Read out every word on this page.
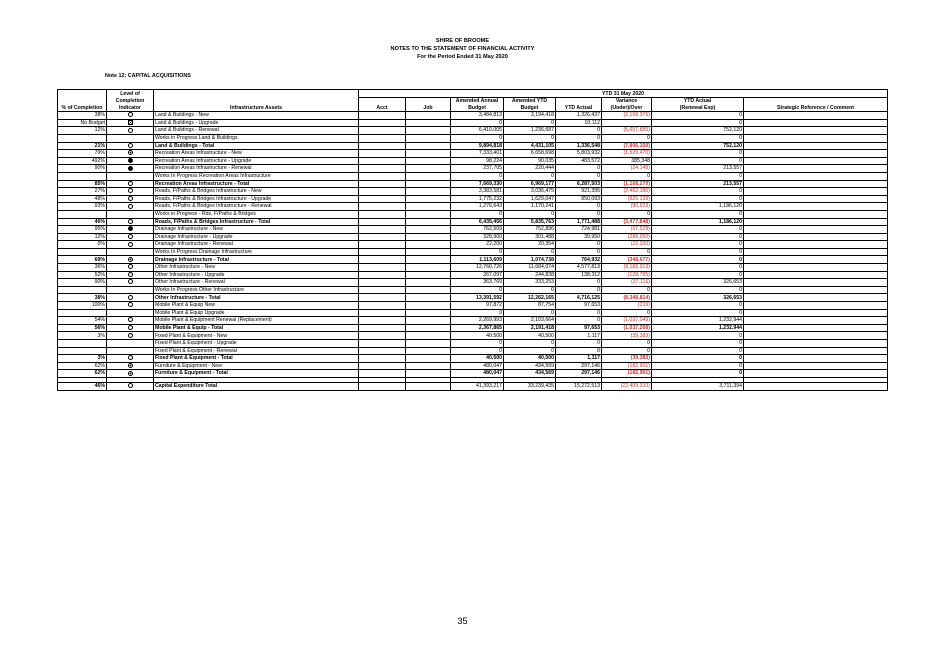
SHIRE OF BROOME
NOTES TO THE STATEMENT OF FINANCIAL ACTIVITY
For the Period Ended 31 May 2020
Note 12: CAPITAL ACQUISITIONS
	Level of		YTD 31 May 2020							
	Completion				Amended Annual	Amended YTD		Variance	YTD Actual	
% of Completion	Indicator	Infrastructure Assets	Acct	Job	Budget	Budget	YTD Actual	(Under)/Over	(Renewal Exp)	Strategic Reference / Comment
38%		Land & Buildings - New			3,484,813	3,194,418	1,326,437	(2,158,376)	0	
No Budget		Land & Buildings - Upgrade			0	0	10,112		0	
12%		Land & Buildings - Renewal			6,410,005	1,236,687	0	(5,657,885)	752,120	
		Works in Progress Land & Buildings			0	0	0	0	0	
21%		Land & Buildings - Total			9,894,818	4,431,105	1,336,548	(7,806,150)	752,120	
79%		Recreation Areas Infrastructure - New			7,333,401	6,658,698	5,803,932	(1,529,470)	0	
492%		Recreation Areas Infrastructure - Upgrade			98,224	90,035	483,572	385,348	0	
90%		Recreation Areas Infrastructure - Renewal			237,705	220,444	0	(24,148)	213,557	
		Works In Progress Recreation Areas Infrastructure			0	0	0	0	0	
85%		Recreation Areas Infrastructure - Total			7,669,330	6,969,177	6,287,503	(1,168,270)	213,557	
27%		Roads, F/Paths & Bridges Infrastructure - New			3,383,581	3,036,475	921,395	(2,462,186)	0	
48%		Roads, F/Paths & Bridges Infrastructure - Upgrade			1,775,232	1,629,047	850,093	(925,139)	0	
93%		Roads, F/Paths & Bridges Infrastructure - Renewal			1,276,643	1,170,241	0	(90,523)	1,186,120	
		Works in Progress - Rds, F/Paths & Bridges			0	0	0	0	0	
46%		Roads, F/Paths & Bridges Infrastructure - Total			6,435,456	5,835,763	1,771,488	(3,477,848)	1,186,120	
95%		Drainage Infrastructure - New			762,509	752,896	724,981	(37,528)	0	
12%		Drainage Infrastructure - Upgrade			328,900	301,488	39,950	(288,950)	0	
0%		Drainage Infrastructure - Renewal			22,200	20,354	0	(22,200)	0	
		Works In Progress Drainage Infrastructure			0	0	0	0	0	
69%		Drainage Infrastructure - Total			1,113,609	1,074,738	764,932	(348,677)	0	
36%		Other Infrastructure - New			12,760,726	11,684,074	4,577,813	(8,182,913)	0	
52%		Other Infrastructure - Upgrade			267,097	244,838	138,312	(128,785)	0	
90%		Other Infrastructure - Renewal			363,769	333,253	0	(37,116)	326,653	
		Works In Progress Other Infrastructure			0	0	0	0	0	
38%		Other Infrastructure - Total			13,391,592	12,262,165	4,716,125	(8,348,814)	326,653	
100%		Mobile Plant & Equip New			97,872	87,754	97,653	(219)	0	
		Mobile Plant & Equip Upgrade			0	0	0	0	0	
54%		Mobile Plant & Equipment Renewal (Replacement)			2,269,993	2,103,664	0	(1,037,049)	1,232,944	
56%		Mobile Plant & Equip - Total			2,367,865	2,191,418	97,653	(1,037,268)	1,232,944	
3%		Fixed Plant & Equipment - New			40,500	40,500	1,117	(39,383)	0	
		Fixed Plant & Equipment - Upgrade			0	0	0	0	0	
		Fixed Plant & Equipment - Renewal			0	0	0	0	0	
3%		Fixed Plant & Equipment - Total			40,500	40,500	1,117	(39,383)	0	
62%		Furniture & Equipment - New			480,047	434,569	297,146	(182,901)	0	
62%		Furniture & Equipment - Total			480,047	434,569	297,146	(182,901)	0	

46%		Capital Expenditure Total			41,393,217	33,239,435	15,272,513	(22,409,310)	3,711,394	
35
